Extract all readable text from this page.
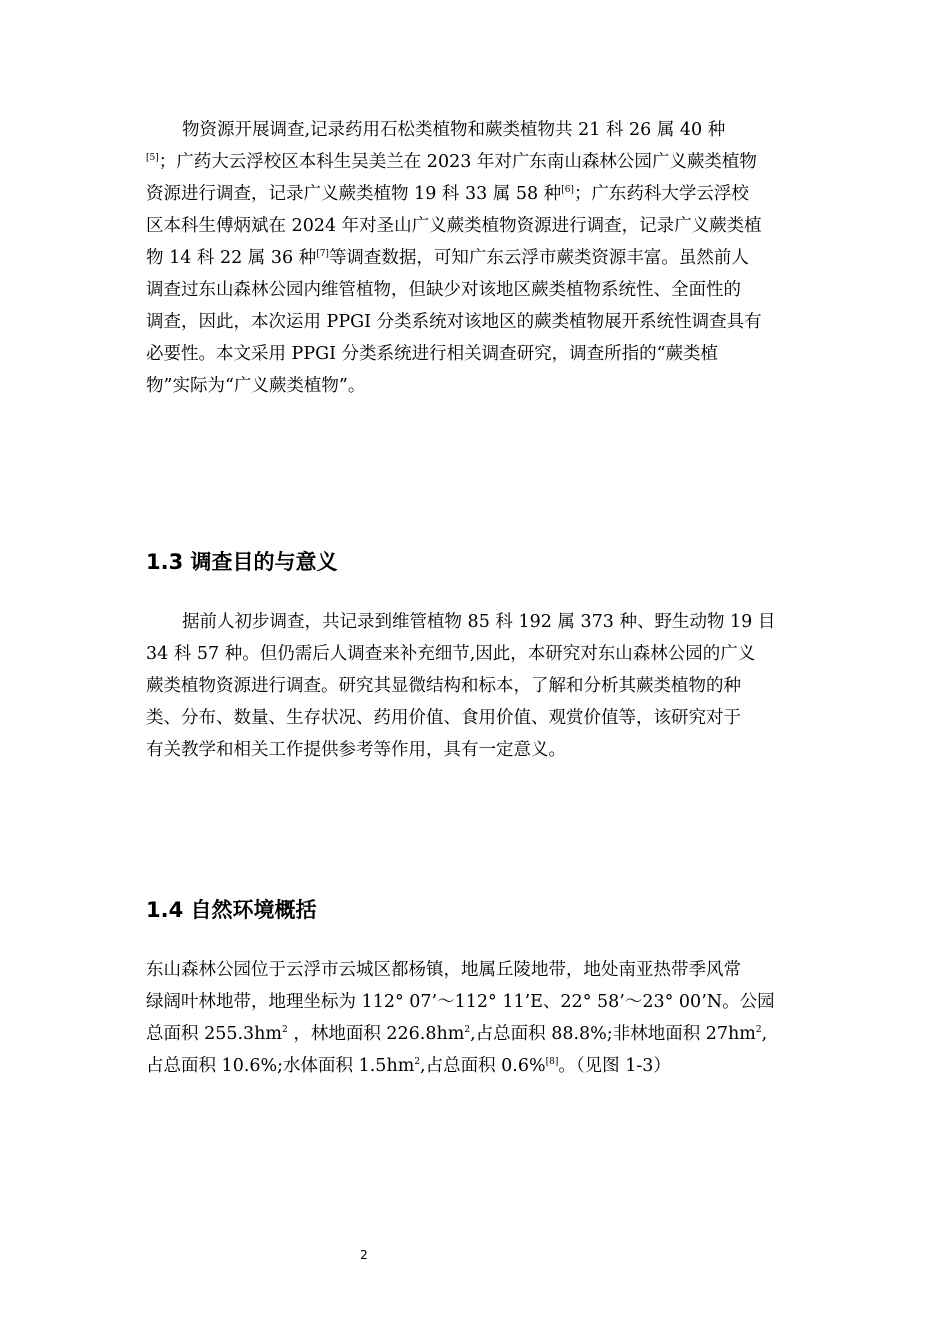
物资源开展调查,记录药用石松类植物和蕨类植物共 21 科 26 属 40 种
[5]；广药大云浮校区本科生吴美兰在 2023 年对广东南山森林公园广义蕨类植物
资源进行调查，记录广义蕨类植物 19 科 33 属 58 种[6]；广东药科大学云浮校
区本科生傅炳斌在 2024 年对圣山广义蕨类植物资源进行调查，记录广义蕨类植
物 14 科 22 属 36 种[7]等调查数据，可知广东云浮市蕨类资源丰富。虽然前人
调查过东山森林公园内维管植物，但缺少对该地区蕨类植物系统性、全面性的
调查，因此，本次运用 PPGI 分类系统对该地区的蕨类植物展开系统性调查具有
必要性。本文采用 PPGI 分类系统进行相关调查研究，调查所指的“蕨类植
物”实际为“广义蕨类植物”。
1.3 调查目的与意义
据前人初步调查，共记录到维管植物 85 科 192 属 373 种、野生动物 19 目
34 科 57 种。但仍需后人调查来补充细节,因此，本研究对东山森林公园的广义
蕨类植物资源进行调查。研究其显微结构和标本，了解和分析其蕨类植物的种
类、分布、数量、生存状况、药用价值、食用价值、观赏价值等，该研究对于
有关教学和相关工作提供参考等作用，具有一定意义。
1.4 自然环境概括
东山森林公园位于云浮市云城区都杨镇，地属丘陵地带，地处南亚热带季风常
绿阔叶林地带，地理坐标为 112° 07’～112° 11’E、22° 58’～23° 00’N。公园
总面积 $255.3hm^2$ ，林地面积 $226.8hm^2$,占总面积 88.8%;非林地面积 $27hm^2$,
占总面积 10.6%;水体面积 $1.5hm^2$,占总面积 0.6%[8]。（见图 1-3）
2
